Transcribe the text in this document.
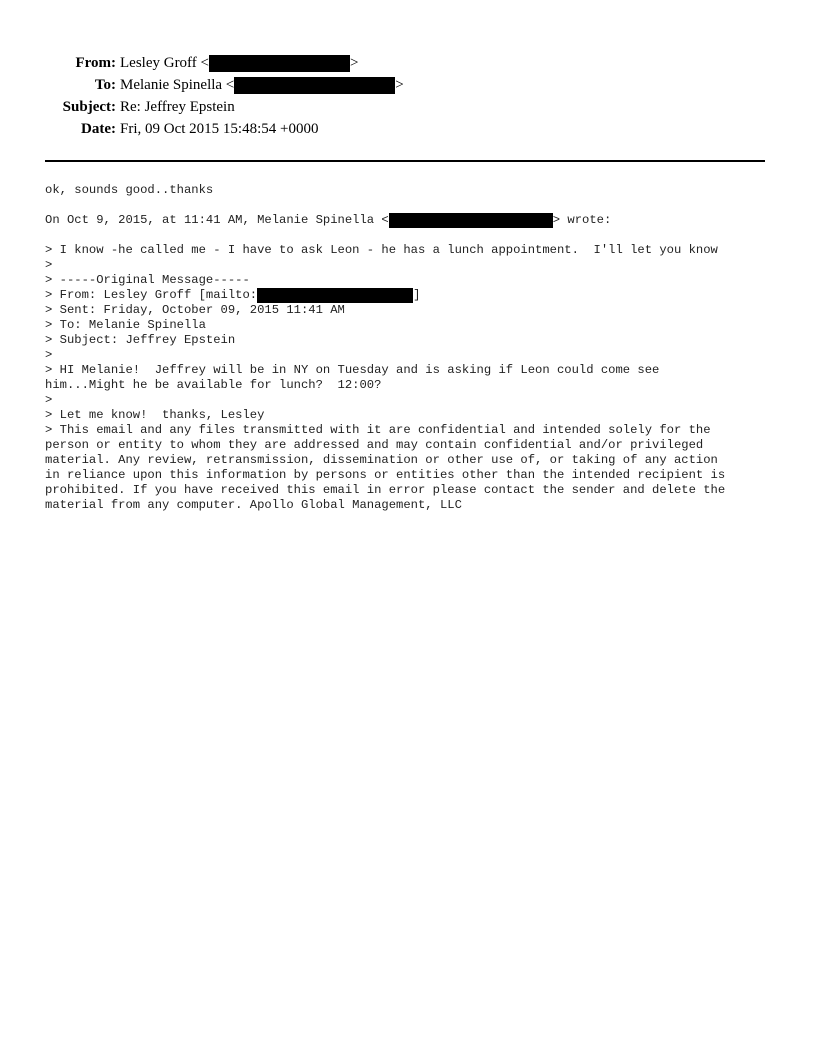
From: Lesley Groff <	>
To: Melanie Spinella <	>
Subject: Re: Jeffrey Epstein
Date: Fri, 09 Oct 2015 15:48:54 +0000
ok, sounds good..thanks
On Oct 9, 2015, at 11:41 AM, Melanie Spinella <	> wrote:
> I know -he called me - I have to ask Leon - he has a lunch appointment.  I'll let you know
>
> -----Original Message-----
> From: Lesley Groff [mailto:	]
> Sent: Friday, October 09, 2015 11:41 AM
> To: Melanie Spinella
> Subject: Jeffrey Epstein
>
> HI Melanie!  Jeffrey will be in NY on Tuesday and is asking if Leon could come see
him...Might he be available for lunch?  12:00?
>
> Let me know!  thanks, Lesley
> This email and any files transmitted with it are confidential and intended solely for the
person or entity to whom they are addressed and may contain confidential and/or privileged
material. Any review, retransmission, dissemination or other use of, or taking of any action
in reliance upon this information by persons or entities other than the intended recipient is
prohibited. If you have received this email in error please contact the sender and delete the
material from any computer. Apollo Global Management, LLC
